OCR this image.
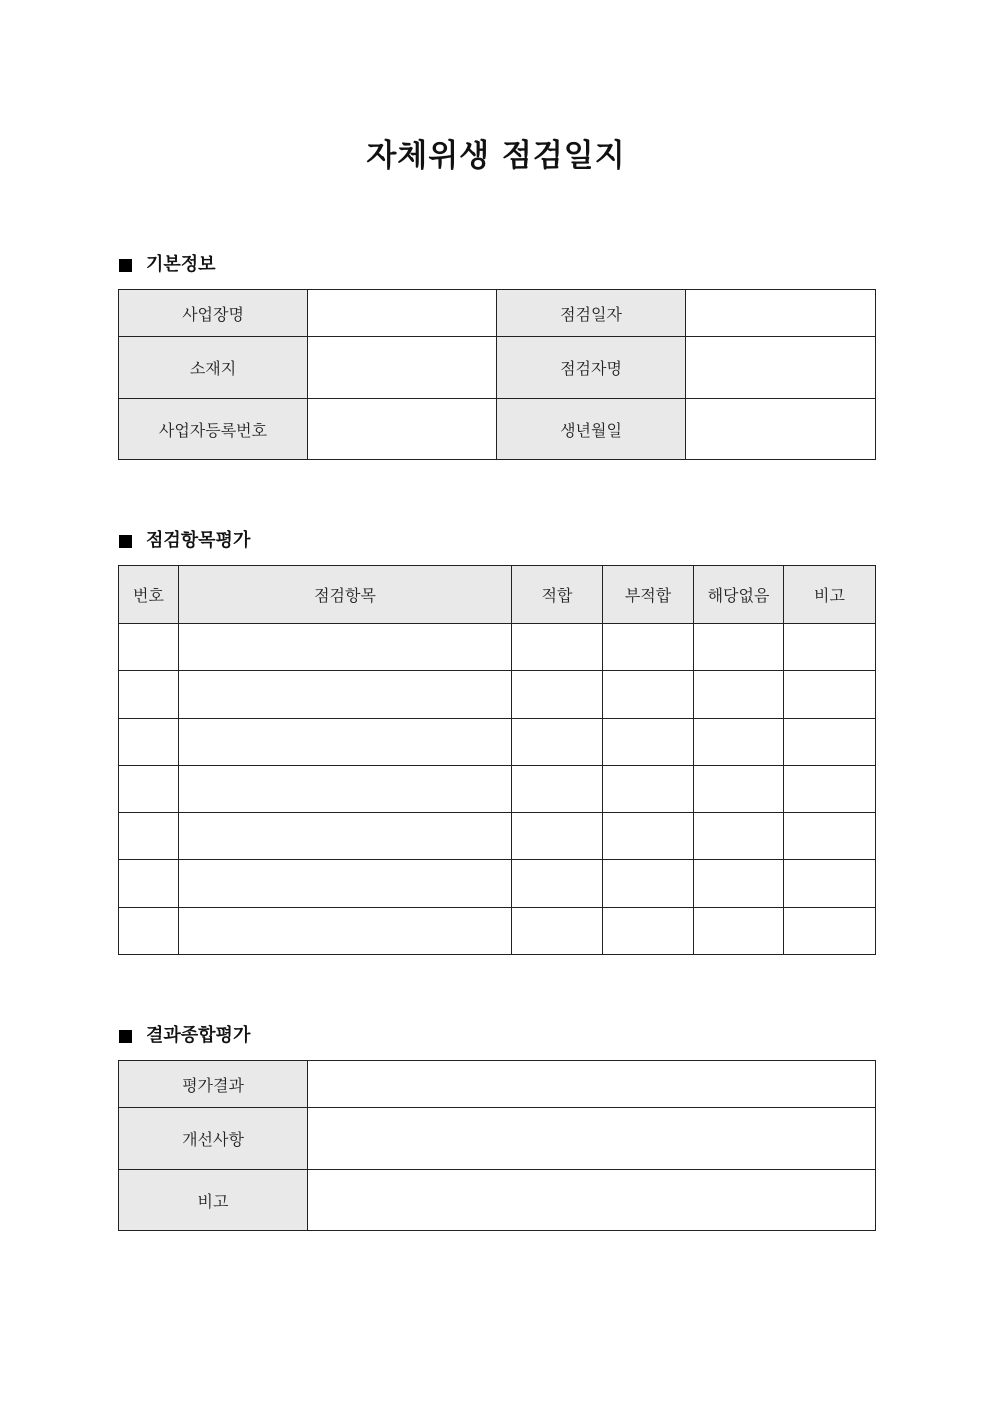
자체위생 점검일지
기본정보
사업장명		점검일자	
소재지		점검자명	
사업자등록번호		생년월일	
점검항목평가
번호	점검항목	적합	부적합	해당없음	비고

결과종합평가
평가결과	
개선사항	
비고	
